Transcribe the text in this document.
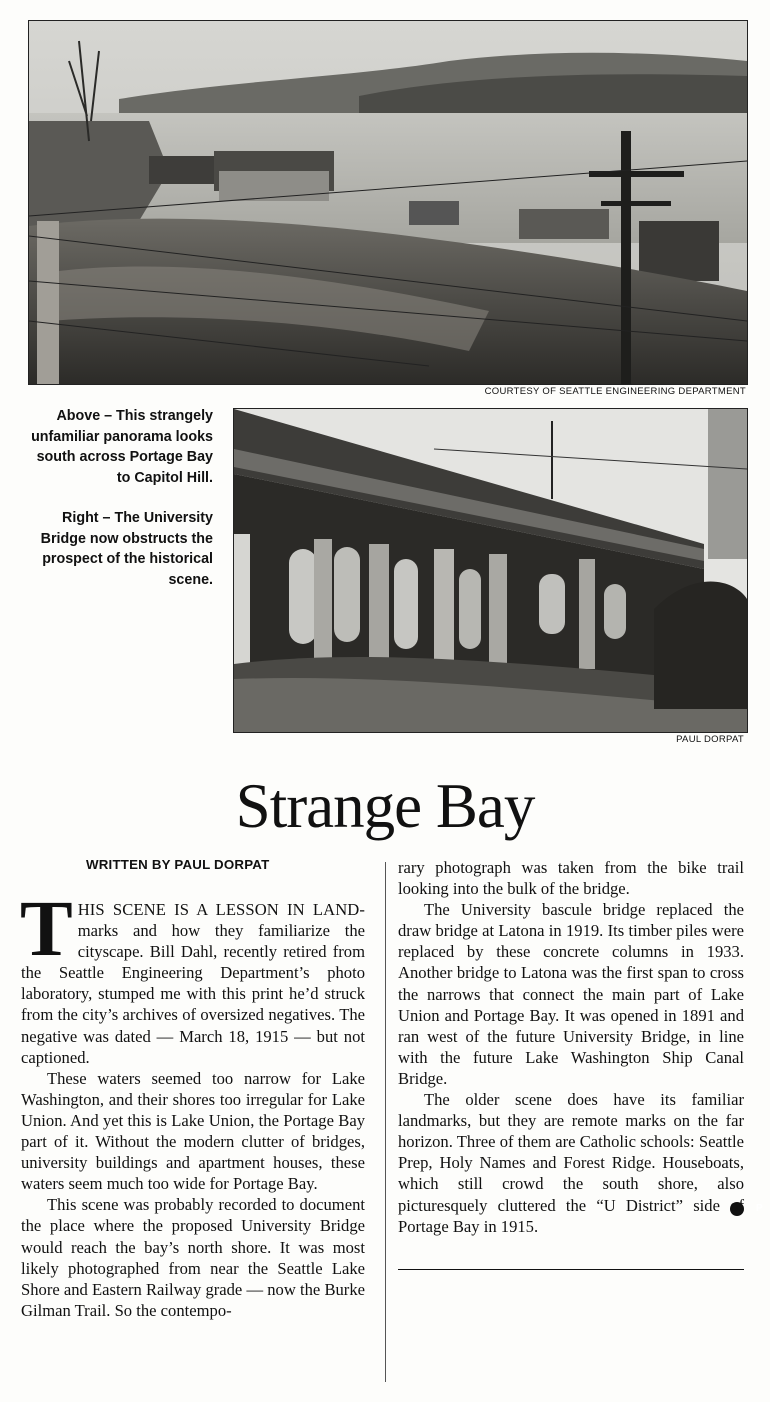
COURTESY OF SEATTLE ENGINEERING DEPARTMENT

Above – This strangely unfamiliar panorama looks south across Portage Bay to Capitol Hill.

Right – The University Bridge now obstructs the prospect of the historical scene.

PAUL DORPAT
Strange Bay
WRITTEN BY PAUL DORPAT

T HIS SCENE IS A LESSON IN LAND- marks and how they familiarize the cityscape. Bill Dahl, recently retired from the Seattle Engineering Department’s photo laboratory, stumped me with this print he’d struck from the city’s archives of oversized negatives. The negative was dated — March 18, 1915 — but not captioned.

These waters seemed too narrow for Lake Washington, and their shores too irregular for Lake Union. And yet this is Lake Union, the Portage Bay part of it. Without the modern clutter of bridges, university buildings and apartment houses, these waters seem much too wide for Portage Bay.

This scene was probably recorded to document the place where the proposed University Bridge would reach the bay’s north shore. It was most likely photographed from near the Seattle Lake Shore and Eastern Railway grade — now the Burke Gilman Trail. So the contempo-

rary photograph was taken from the bike trail looking into the bulk of the bridge.

The University bascule bridge replaced the draw bridge at Latona in 1919. Its timber piles were replaced by these concrete columns in 1933. Another bridge to Latona was the first span to cross the narrows that connect the main part of Lake Union and Portage Bay. It was opened in 1891 and ran west of the future University Bridge, in line with the future Lake Washington Ship Canal Bridge.

The older scene does have its familiar landmarks, but they are remote marks on the far horizon. Three of them are Catholic schools: Seattle Prep, Holy Names and Forest Ridge. Houseboats, which still crowd the south shore, also picturesquely cluttered the “U District” side of Portage Bay in 1915.
P
